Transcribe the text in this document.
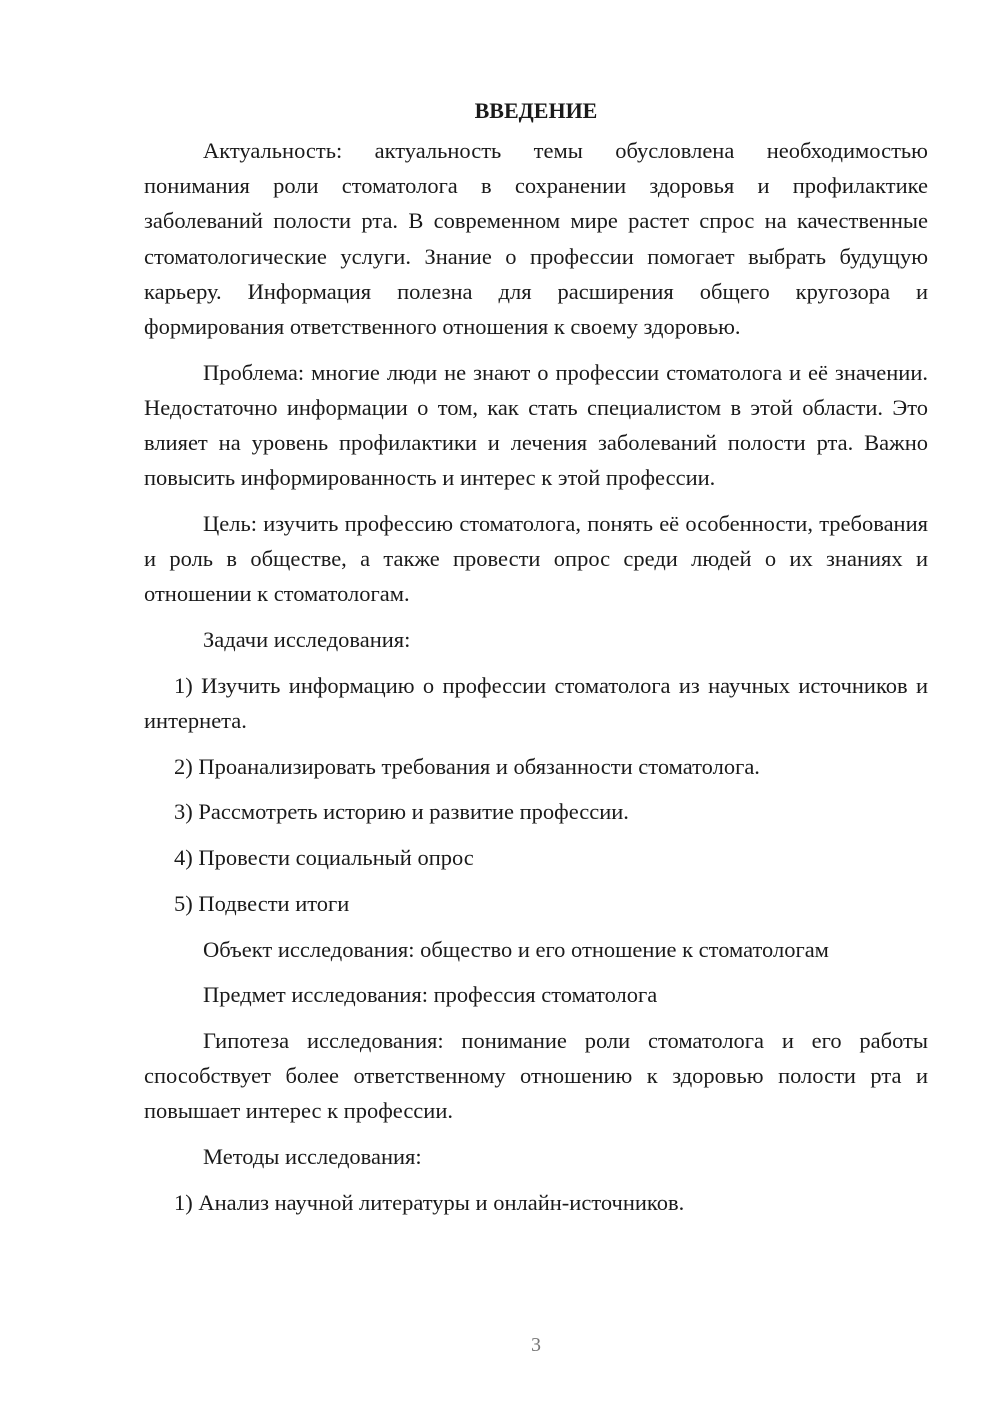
ВВЕДЕНИЕ

Актуальность: актуальность темы обусловлена необходимостью понимания роли стоматолога в сохранении здоровья и профилактике заболеваний полости рта. В современном мире растет спрос на качественные стоматологические услуги. Знание о профессии помогает выбрать будущую карьеру. Информация полезна для расширения общего кругозора и формирования ответственного отношения к своему здоровью.

Проблема: многие люди не знают о профессии стоматолога и её значении. Недостаточно информации о том, как стать специалистом в этой области. Это влияет на уровень профилактики и лечения заболеваний полости рта. Важно повысить информированность и интерес к этой профессии.

Цель: изучить профессию стоматолога, понять её особенности, требования и роль в обществе, а также провести опрос среди людей о их знаниях и отношении к стоматологам.

Задачи исследования:

1) Изучить информацию о профессии стоматолога из научных источников и интернета.

2) Проанализировать требования и обязанности стоматолога.

3) Рассмотреть историю и развитие профессии.

4) Провести социальный опрос

5) Подвести итоги

Объект исследования: общество и его отношение к стоматологам

Предмет исследования: профессия стоматолога

Гипотеза исследования: понимание роли стоматолога и его работы способствует более ответственному отношению к здоровью полости рта и повышает интерес к профессии.

Методы исследования:

1) Анализ научной литературы и онлайн-источников.

3
